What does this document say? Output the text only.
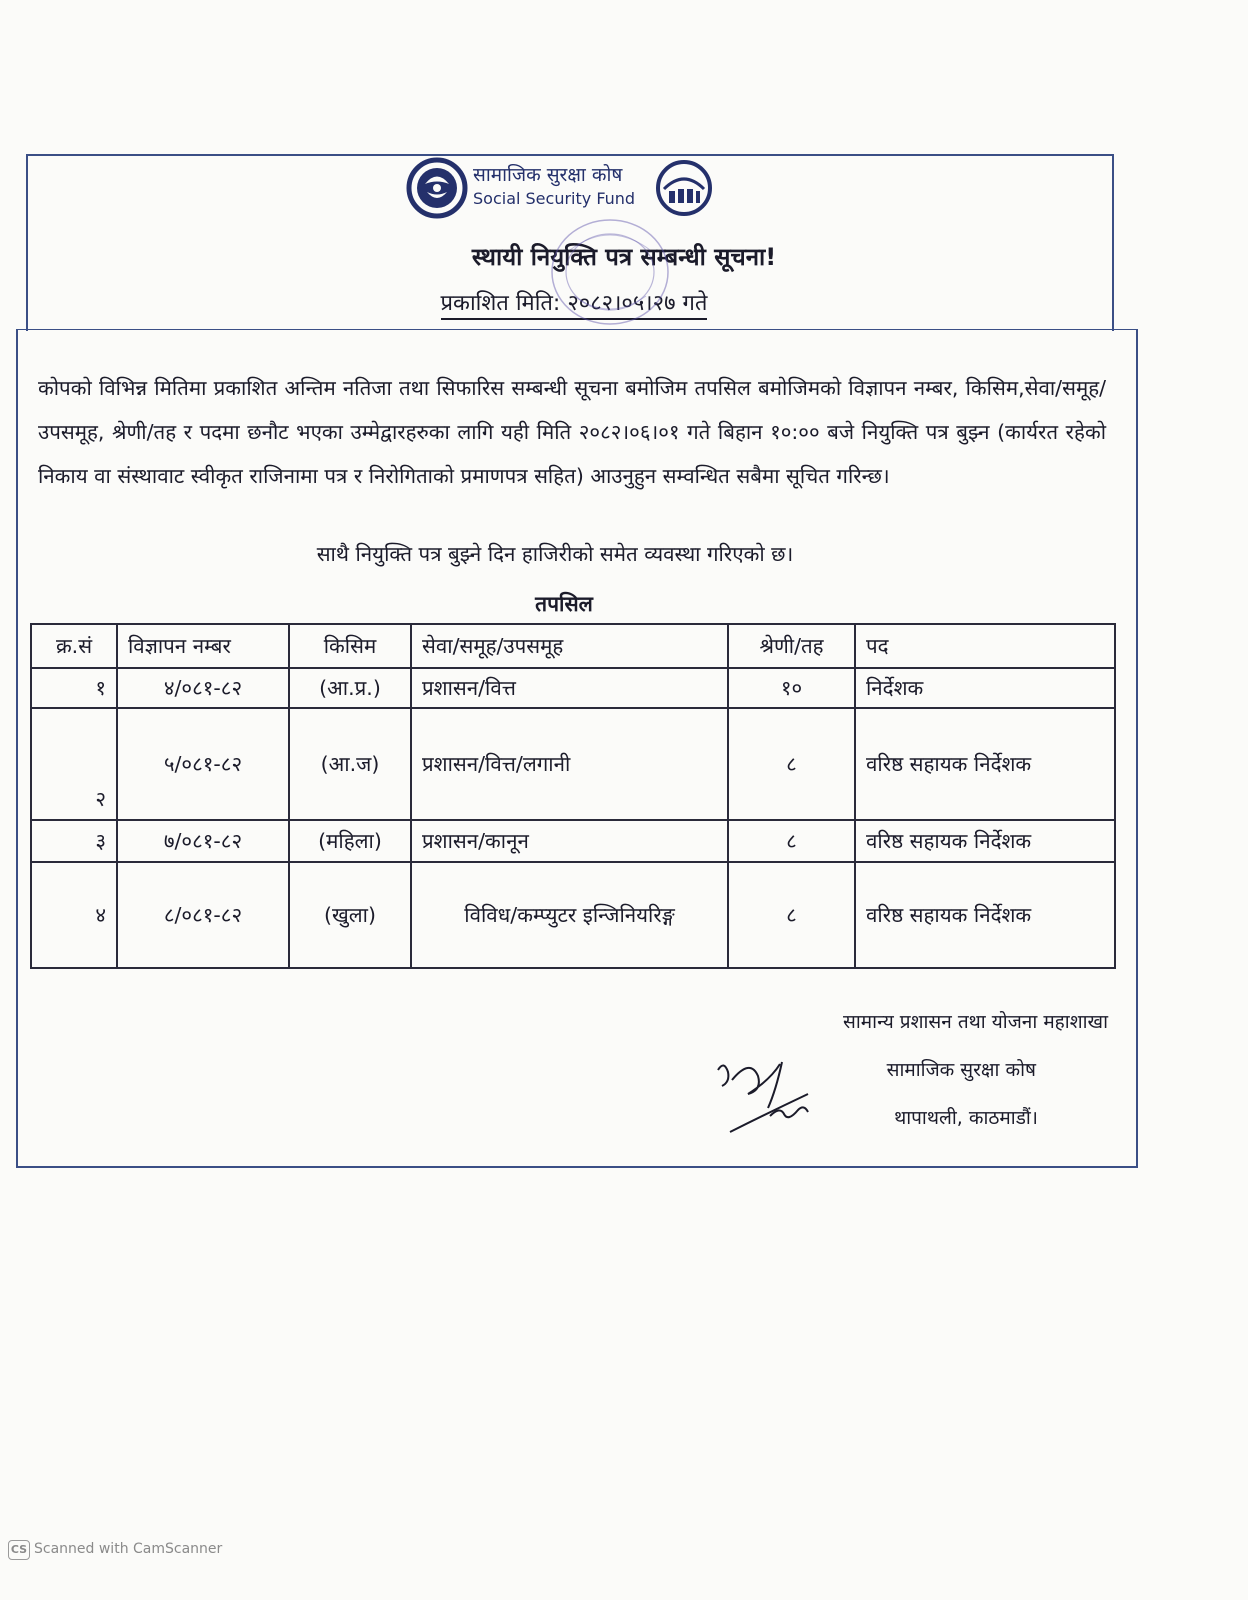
सामाजिक सुरक्षा कोष
Social Security Fund
स्थायी नियुक्ति पत्र सम्बन्धी सूचना!
प्रकाशित मिति: २०८२।०५।२७ गते
कोपको विभिन्न मितिमा प्रकाशित अन्तिम नतिजा तथा सिफारिस सम्बन्धी सूचना बमोजिम तपसिल बमोजिमको विज्ञापन नम्बर, किसिम,सेवा/समूह/उपसमूह, श्रेणी/तह र पदमा छनौट भएका उम्मेद्वारहरुका लागि यही मिति २०८२।०६।०१ गते बिहान १०:०० बजे नियुक्ति पत्र बुझ्न (कार्यरत रहेको निकाय वा संस्थावाट स्वीकृत राजिनामा पत्र र निरोगिताको प्रमाणपत्र सहित) आउनुहुन सम्वन्धित सबैमा सूचित गरिन्छ।
साथै नियुक्ति पत्र बुझ्ने दिन हाजिरीको समेत व्यवस्था गरिएको छ।
तपसिल
क्र.सं	विज्ञापन नम्बर	किसिम	सेवा/समूह/उपसमूह	श्रेणी/तह	पद
१	४/०८१-८२	(आ.प्र.)	प्रशासन/वित्त	१०	निर्देशक
२	५/०८१-८२	(आ.ज)	प्रशासन/वित्त/लगानी	८	वरिष्ठ सहायक निर्देशक
३	७/०८१-८२	(महिला)	प्रशासन/कानून	८	वरिष्ठ सहायक निर्देशक
४	८/०८१-८२	(खुला)	विविध/कम्प्युटर इन्जिनियरिङ्ग	८	वरिष्ठ सहायक निर्देशक
सामान्य प्रशासन तथा योजना महाशाखा
सामाजिक सुरक्षा कोष
थापाथली, काठमाडौं।
CS Scanned with CamScanner
